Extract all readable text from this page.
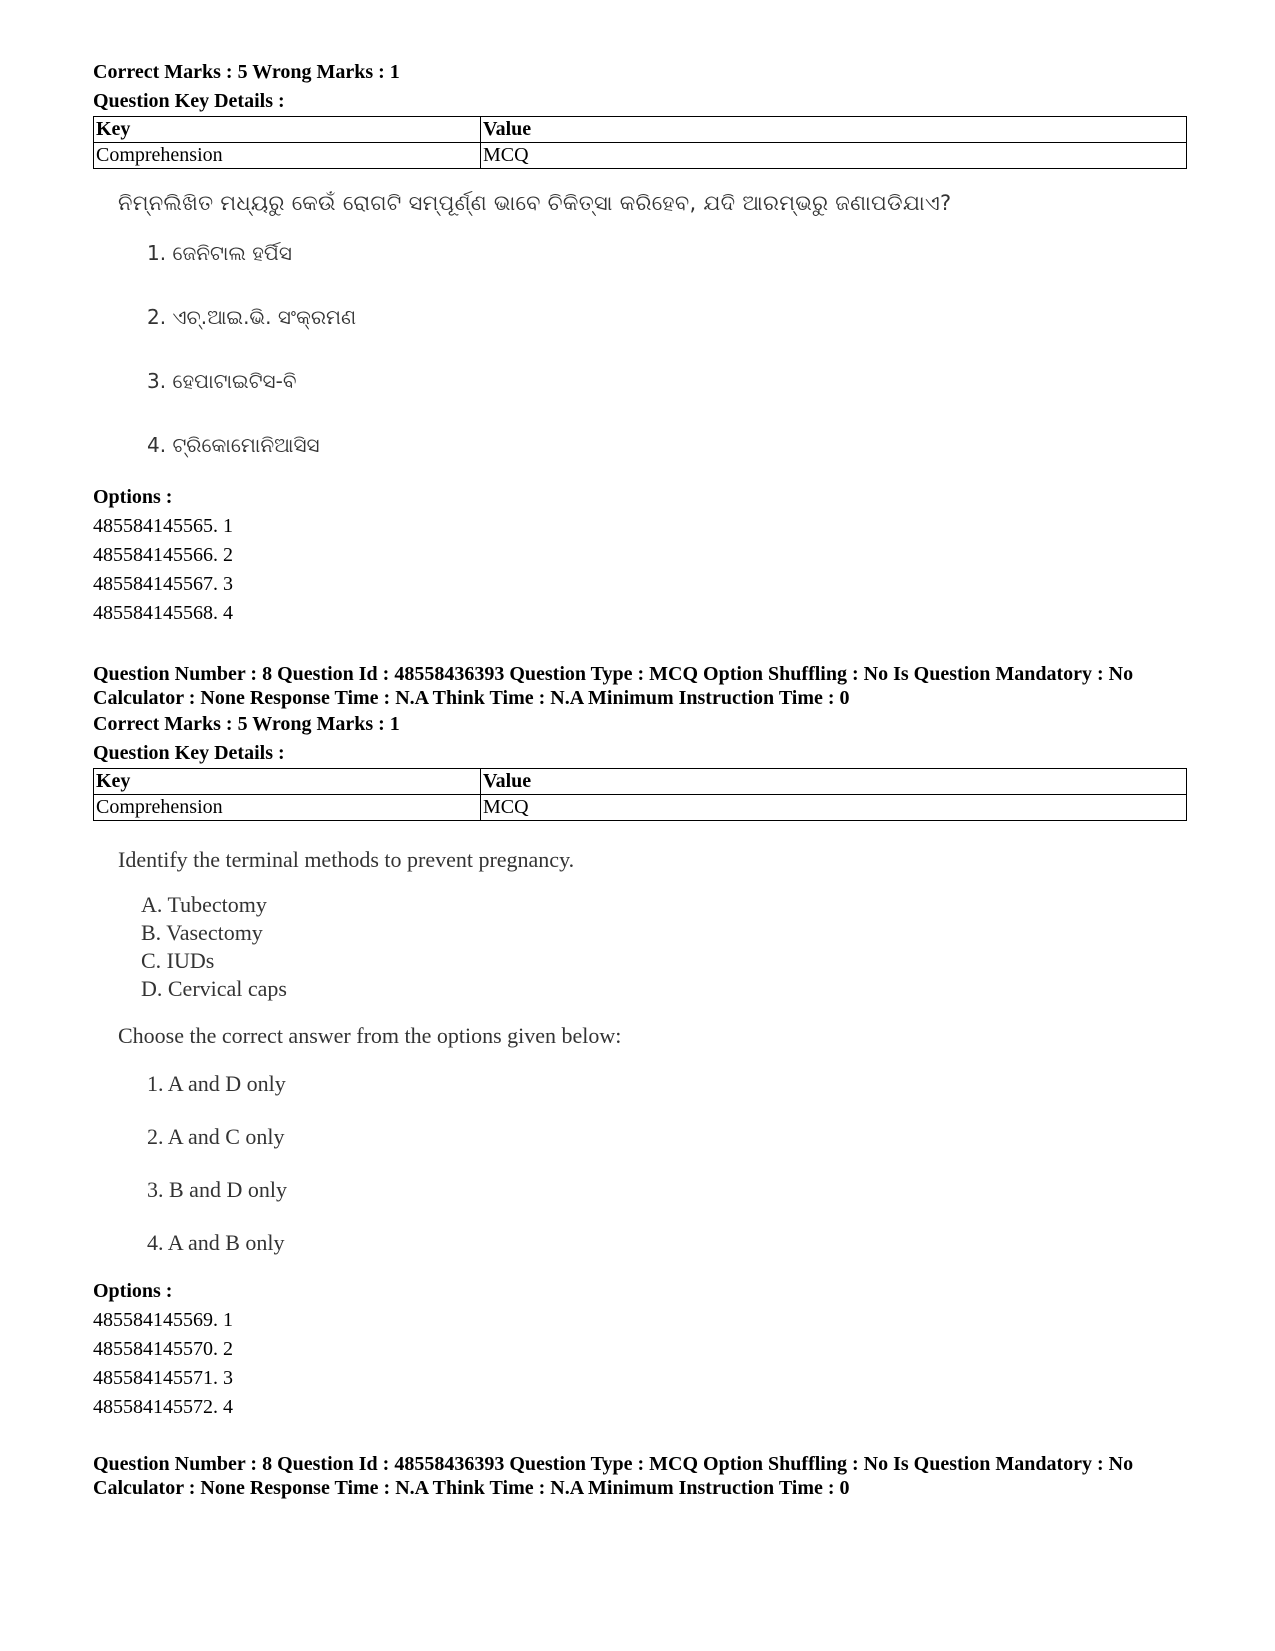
Correct Marks : 5 Wrong Marks : 1

Question Key Details :

Key	Value
Comprehension	MCQ

ନିମ୍ନଲିଖିତ ମଧ୍ୟରୁ କେଉଁ ରୋଗଟି ସମ୍ପୂର୍ଣ୍ଣ ଭାବେ ଚିକିତ୍ସା କରିହେବ, ଯଦି ଆରମ୍ଭରୁ ଜଣାପଡିଯାଏ?

1. ଜେନିଟାଲ ହର୍ପିସ

2. ଏଚ୍.ଆଇ.ଭି. ସଂକ୍ରମଣ

3. ହେପାଟାଇଟିସ-ବି

4. ଟ୍ରିକୋମୋନିଆସିସ

Options :

485584145565. 1

485584145566. 2

485584145567. 3

485584145568. 4

Question Number : 8 Question Id : 48558436393 Question Type : MCQ Option Shuffling : No Is Question Mandatory : No

Calculator : None Response Time : N.A Think Time : N.A Minimum Instruction Time : 0

Correct Marks : 5 Wrong Marks : 1

Question Key Details :

Key	Value
Comprehension	MCQ

Identify the terminal methods to prevent pregnancy.

A. Tubectomy

B. Vasectomy

C. IUDs

D. Cervical caps

Choose the correct answer from the options given below:

1. A and D only

2. A and C only

3. B and D only

4. A and B only

Options :

485584145569. 1

485584145570. 2

485584145571. 3

485584145572. 4

Question Number : 8 Question Id : 48558436393 Question Type : MCQ Option Shuffling : No Is Question Mandatory : No

Calculator : None Response Time : N.A Think Time : N.A Minimum Instruction Time : 0
